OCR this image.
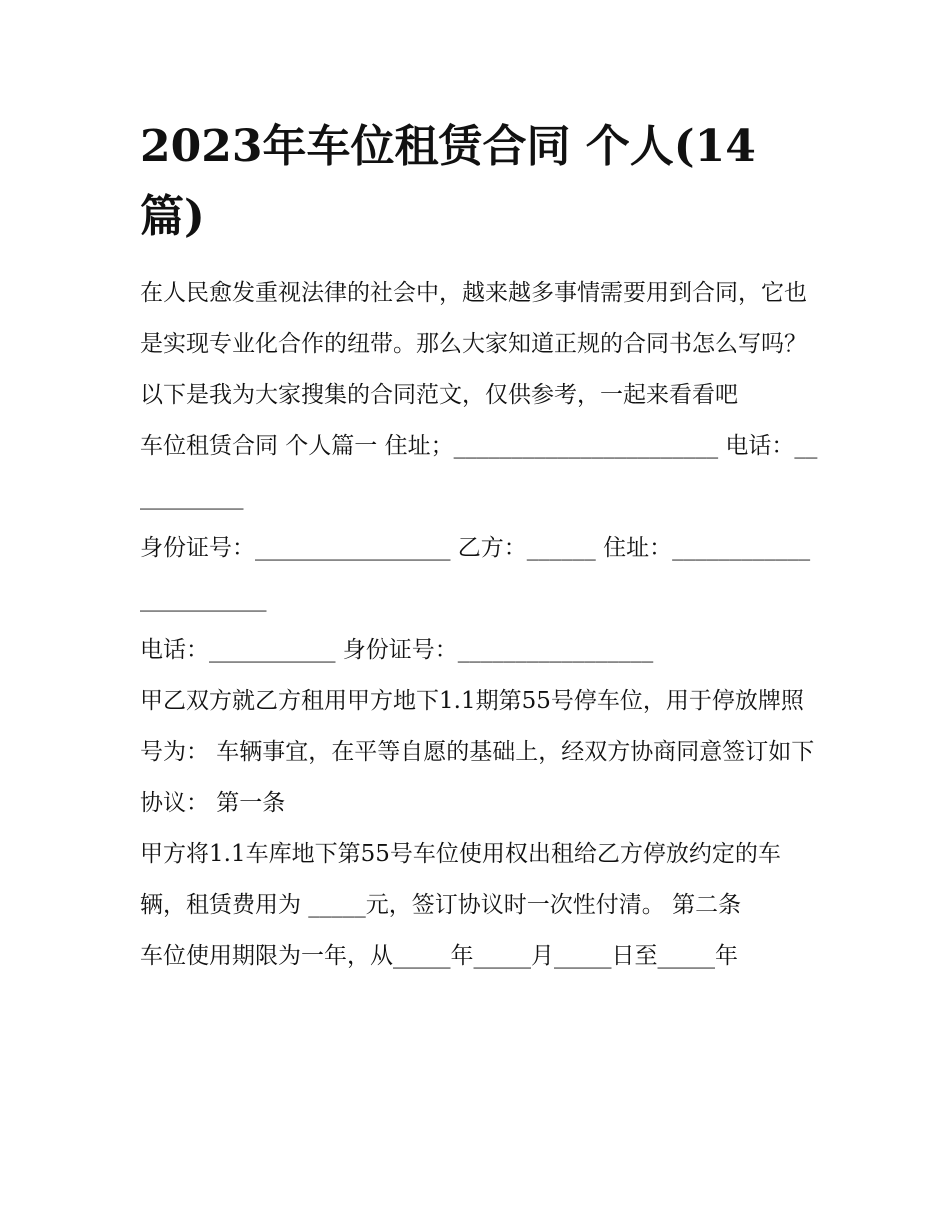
2023年车位租赁合同 个人(14篇)

在人民愈发重视法律的社会中，越来越多事情需要用到合同，它也是实现专业化合作的纽带。那么大家知道正规的合同书怎么写吗？以下是我为大家搜集的合同范文，仅供参考，一起来看看吧

车位租赁合同 个人篇一 住址；_______________________ 电话：___________

身份证号：_________________ 乙方：______ 住址：_______________________

电话：___________ 身份证号：_________________

甲乙双方就乙方租用甲方地下1.1期第55号停车位，用于停放牌照号为： 车辆事宜，在平等自愿的基础上，经双方协商同意签订如下协议： 第一条

甲方将1.1车库地下第55号车位使用权出租给乙方停放约定的车辆，租赁费用为 _____元，签订协议时一次性付清。 第二条

车位使用期限为一年，从_____年_____月_____日至_____年
